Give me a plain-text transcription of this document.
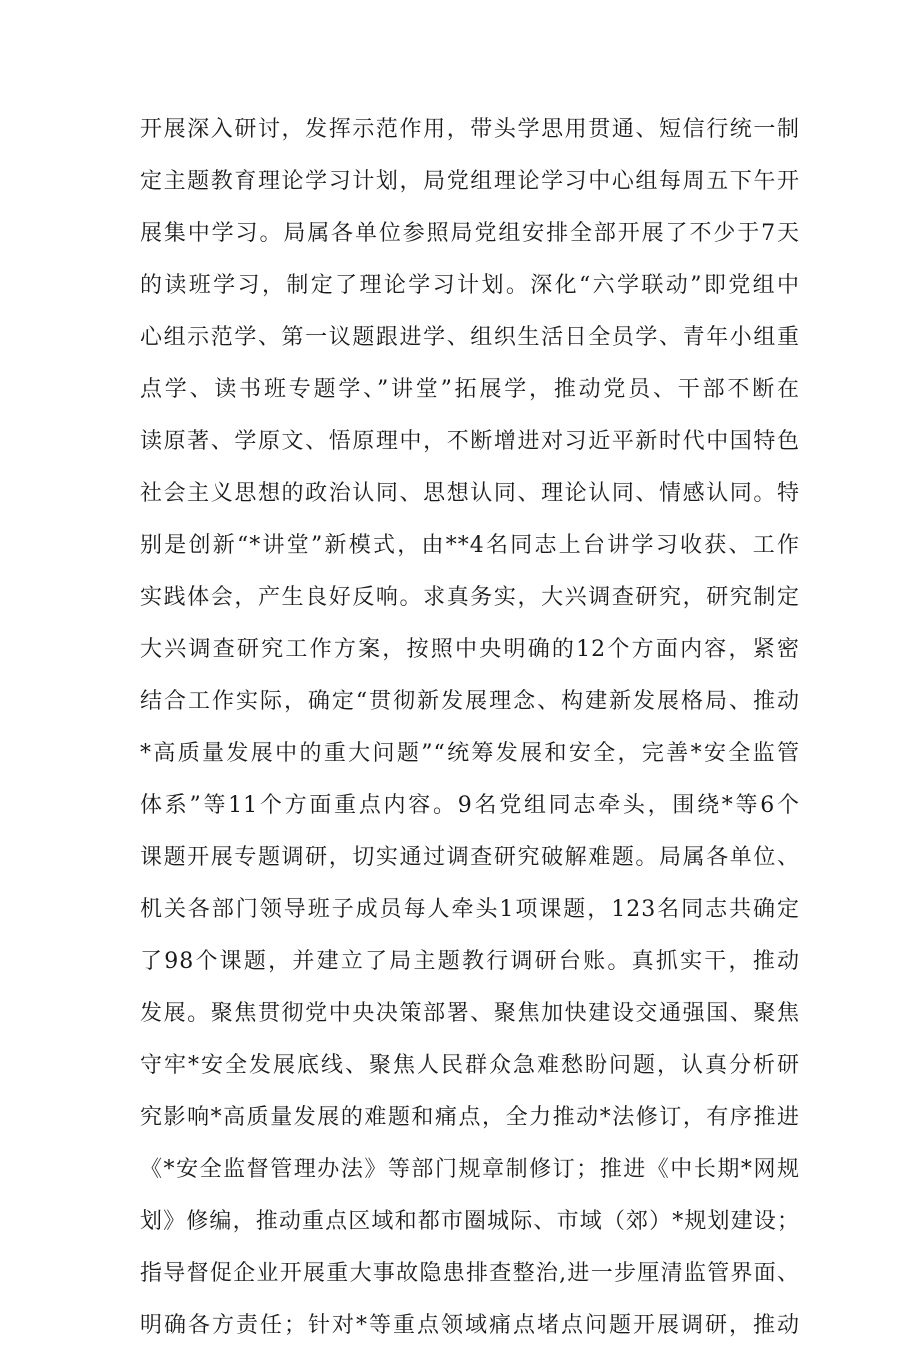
开展深入研讨，发挥示范作用，带头学思用贯通、短信行统一制
定主题教育理论学习计划，局党组理论学习中心组每周五下午开
展集中学习。局属各单位参照局党组安排全部开展了不少于7天
的读班学习，制定了理论学习计划。深化“六学联动”即党组中
心组示范学、第一议题跟进学、组织生活日全员学、青年小组重
点学、读书班专题学、”讲堂”拓展学，推动党员、干部不断在
读原著、学原文、悟原理中，不断增进对习近平新时代中国特色
社会主义思想的政治认同、思想认同、理论认同、情感认同。特
别是创新“*讲堂”新模式，由**4名同志上台讲学习收获、工作
实践体会，产生良好反响。求真务实，大兴调查研究，研究制定
大兴调查研究工作方案，按照中央明确的12个方面内容，紧密
结合工作实际，确定“贯彻新发展理念、构建新发展格局、推动
*高质量发展中的重大问题”“统筹发展和安全，完善*安全监管
体系”等11个方面重点内容。9名党组同志牵头，围绕*等6个
课题开展专题调研，切实通过调查研究破解难题。局属各单位、
机关各部门领导班子成员每人牵头1项课题，123名同志共确定
了98个课题，并建立了局主题教行调研台账。真抓实干，推动
发展。聚焦贯彻党中央决策部署、聚焦加快建设交通强国、聚焦
守牢*安全发展底线、聚焦人民群众急难愁盼问题，认真分析研
究影响*高质量发展的难题和痛点，全力推动*法修订，有序推进
《*安全监督管理办法》等部门规章制修订；推进《中长期*网规
划》修编，推动重点区域和都市圈城际、市域（郊）*规划建设；
指导督促企业开展重大事故隐患排查整治,进一步厘清监管界面、
明确各方责任；针对*等重点领域痛点堵点问题开展调研，推动
